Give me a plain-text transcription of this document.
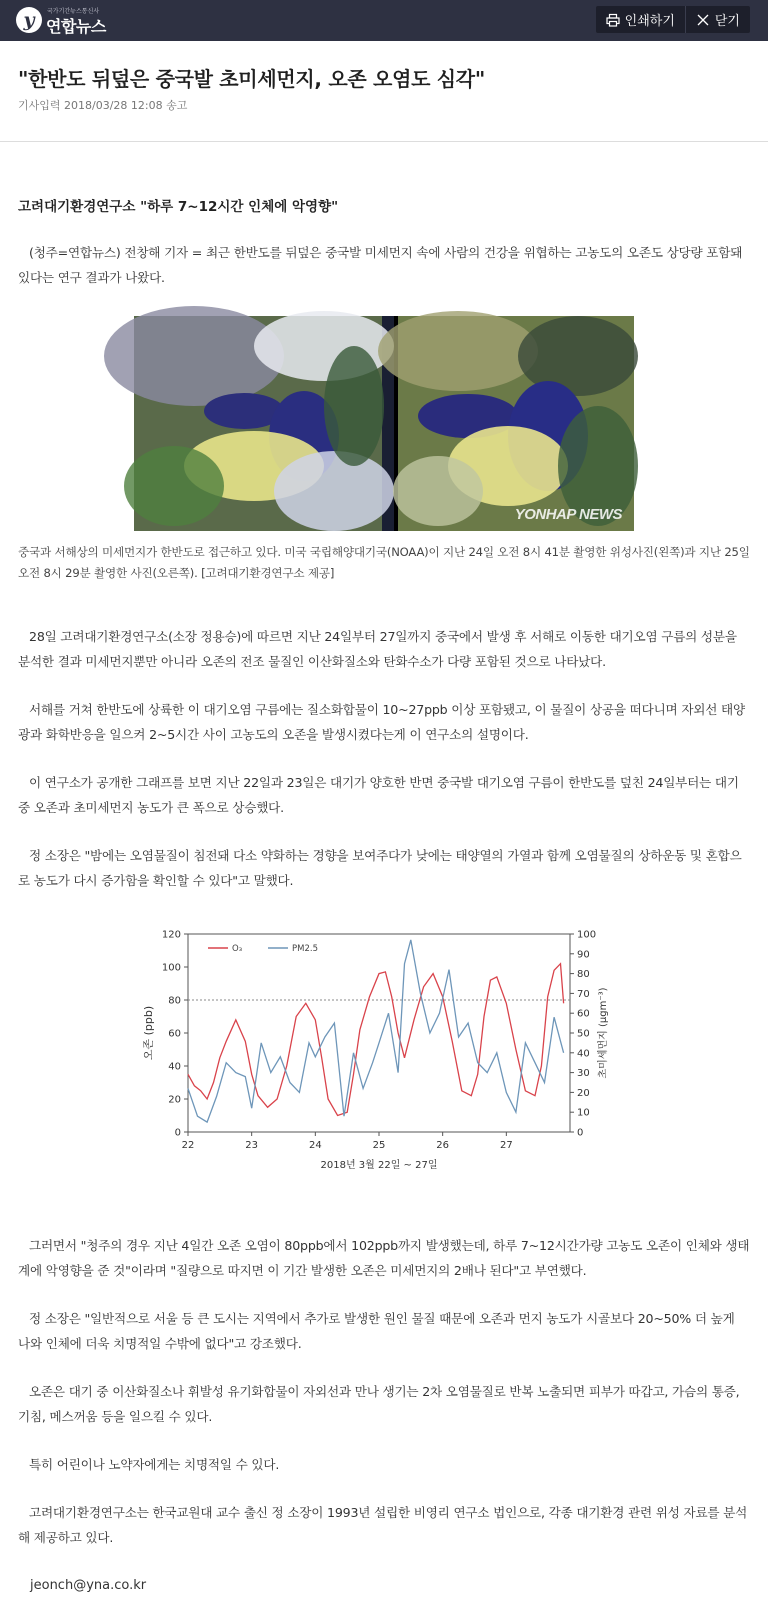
y	국가기간뉴스통신사
연합뉴스	인쇄하기	닫기
"한반도 뒤덮은 중국발 초미세먼지, 오존 오염도 심각"
기사입력 2018/03/28 12:08 송고
고려대기환경연구소 "하루 7~12시간 인체에 악영향"

(청주=연합뉴스) 전창해 기자 = 최근 한반도를 뒤덮은 중국발 미세먼지 속에 사람의 건강을 위협하는 고농도의 오존도 상당량 포함돼 있다는 연구 결과가 나왔다.

YONHAP NEWS

중국과 서해상의 미세먼지가 한반도로 접근하고 있다. 미국 국립해양대기국(NOAA)이 지난 24일 오전 8시 41분 촬영한 위성사진(왼쪽)과 지난 25일 오전 8시 29분 촬영한 사진(오른쪽). [고려대기환경연구소 제공]

28일 고려대기환경연구소(소장 정용승)에 따르면 지난 24일부터 27일까지 중국에서 발생 후 서해로 이동한 대기오염 구름의 성분을 분석한 결과 미세먼지뿐만 아니라 오존의 전조 물질인 이산화질소와 탄화수소가 다량 포함된 것으로 나타났다.

서해를 거쳐 한반도에 상륙한 이 대기오염 구름에는 질소화합물이 10~27ppb 이상 포함됐고, 이 물질이 상공을 떠다니며 자외선 태양광과 화학반응을 일으켜 2~5시간 사이 고농도의 오존을 발생시켰다는게 이 연구소의 설명이다.

이 연구소가 공개한 그래프를 보면 지난 22일과 23일은 대기가 양호한 반면 중국발 대기오염 구름이 한반도를 덮친 24일부터는 대기 중 오존과 초미세먼지 농도가 큰 폭으로 상승했다.

정 소장은 "밤에는 오염물질이 침전돼 다소 약화하는 경향을 보여주다가 낮에는 태양열의 가열과 함께 오염물질의 상하운동 및 혼합으로 농도가 다시 증가함을 확인할 수 있다"고 말했다.

0
20
40
60
80
100
120
0
10
20
30
40
50
60
70
80
90
100
22	23	24	25	26	27
O₃	PM2.5
2018년 3월 22일 ~ 27일
오존 (ppb)	초미세먼지 (μgm⁻³)

그러면서 "청주의 경우 지난 4일간 오존 오염이 80ppb에서 102ppb까지 발생했는데, 하루 7~12시간가량 고농도 오존이 인체와 생태계에 악영향을 준 것"이라며 "질량으로 따지면 이 기간 발생한 오존은 미세먼지의 2배나 된다"고 부연했다.

정 소장은 "일반적으로 서울 등 큰 도시는 지역에서 추가로 발생한 원인 물질 때문에 오존과 먼지 농도가 시골보다 20~50% 더 높게 나와 인체에 더욱 치명적일 수밖에 없다"고 강조했다.

오존은 대기 중 이산화질소나 휘발성 유기화합물이 자외선과 만나 생기는 2차 오염물질로 반복 노출되면 피부가 따갑고, 가슴의 통증, 기침, 메스꺼움 등을 일으킬 수 있다.

특히 어린이나 노약자에게는 치명적일 수 있다.

고려대기환경연구소는 한국교원대 교수 출신 정 소장이 1993년 설립한 비영리 연구소 법인으로, 각종 대기환경 관련 위성 자료를 분석해 제공하고 있다.

jeonch@yna.co.kr
